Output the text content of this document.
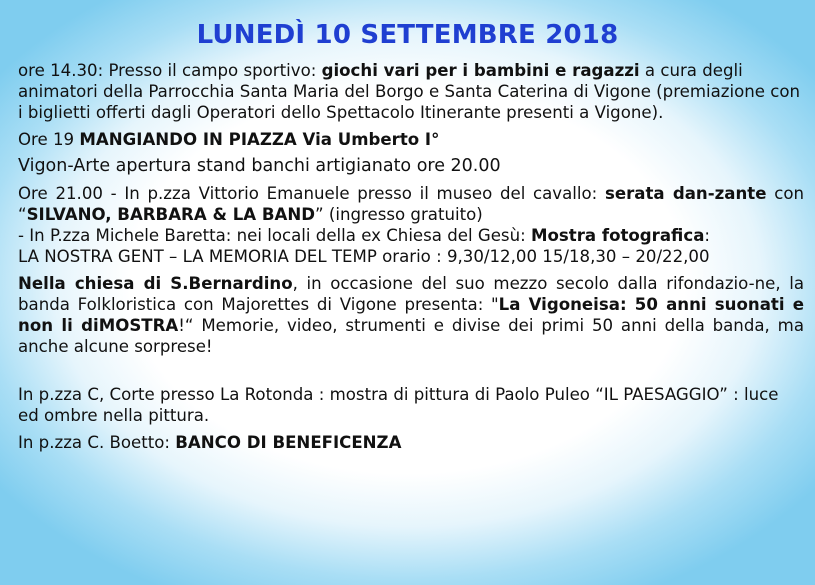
LUNEDÌ 10 SETTEMBRE 2018

ore 14.30: Presso il campo sportivo: giochi vari per i bambini e ragazzi a cura degli animatori della Parrocchia Santa Maria del Borgo e Santa Caterina di Vigone (premiazione con i biglietti offerti dagli Operatori dello Spettacolo Itinerante presenti a Vigone).

Ore 19 MANGIANDO IN PIAZZA Via Umberto I°

Vigon-Arte apertura stand banchi artigianato ore 20.00

Ore 21.00 - In p.zza Vittorio Emanuele presso il museo del cavallo: serata dan-zante con “SILVANO, BARBARA & LA BAND” (ingresso gratuito)
- In P.zza Michele Baretta: nei locali della ex Chiesa del Gesù: Mostra fotografica:
LA NOSTRA GENT – LA MEMORIA DEL TEMP orario : 9,30/12,00 15/18,30 – 20/22,00

Nella chiesa di S.Bernardino, in occasione del suo mezzo secolo dalla rifondazio-ne, la banda Folkloristica con Majorettes di Vigone presenta: "La Vigoneisa: 50 anni suonati e non li diMOSTRA!“ Memorie, video, strumenti e divise dei primi 50 anni della banda, ma anche alcune sorprese!

In p.zza C, Corte presso La Rotonda : mostra di pittura di Paolo Puleo “IL PAESAGGIO” : luce ed ombre nella pittura.

In p.zza C. Boetto: BANCO DI BENEFICENZA
